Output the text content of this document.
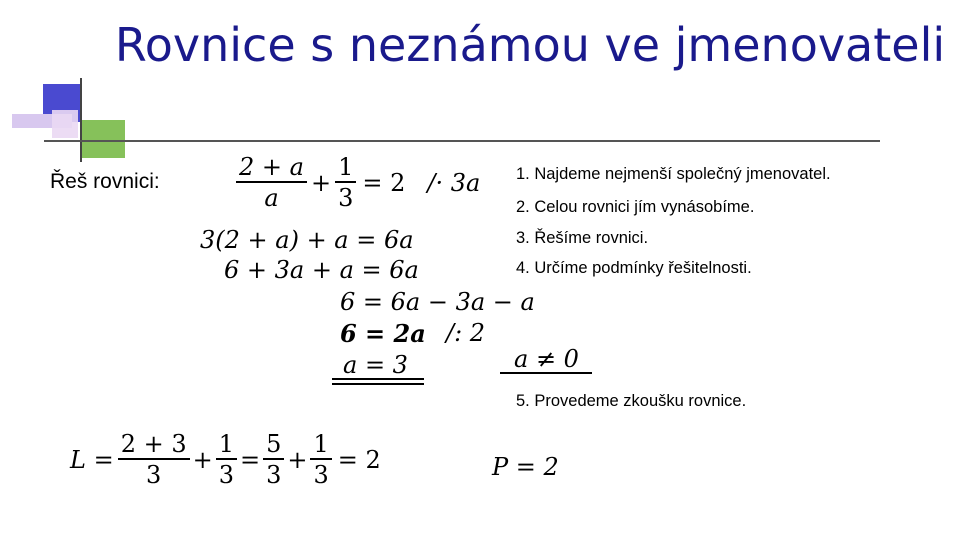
Rovnice s neznámou ve jmenovateli
Řeš rovnici:	$\frac{2 + a}{a} + \frac{1}{3} = 2 /\cdot 3a$
3(2 + a) + a = 6a
6 + 3a + a = 6a
6 = 6a − 3a − a
6 = 2a /: 2
a = 3	a ≠ 0
1. Najdeme nejmenší společný jmenovatel.
2. Celou rovnici jím vynásobíme.
3. Řešíme rovnici.
4. Určíme podmínky řešitelnosti.
5. Provedeme zkoušku rovnice.
$L = \frac{2 + 3}{3} + \frac{1}{3} = \frac{5}{3} + \frac{1}{3} = 2$	P = 2
